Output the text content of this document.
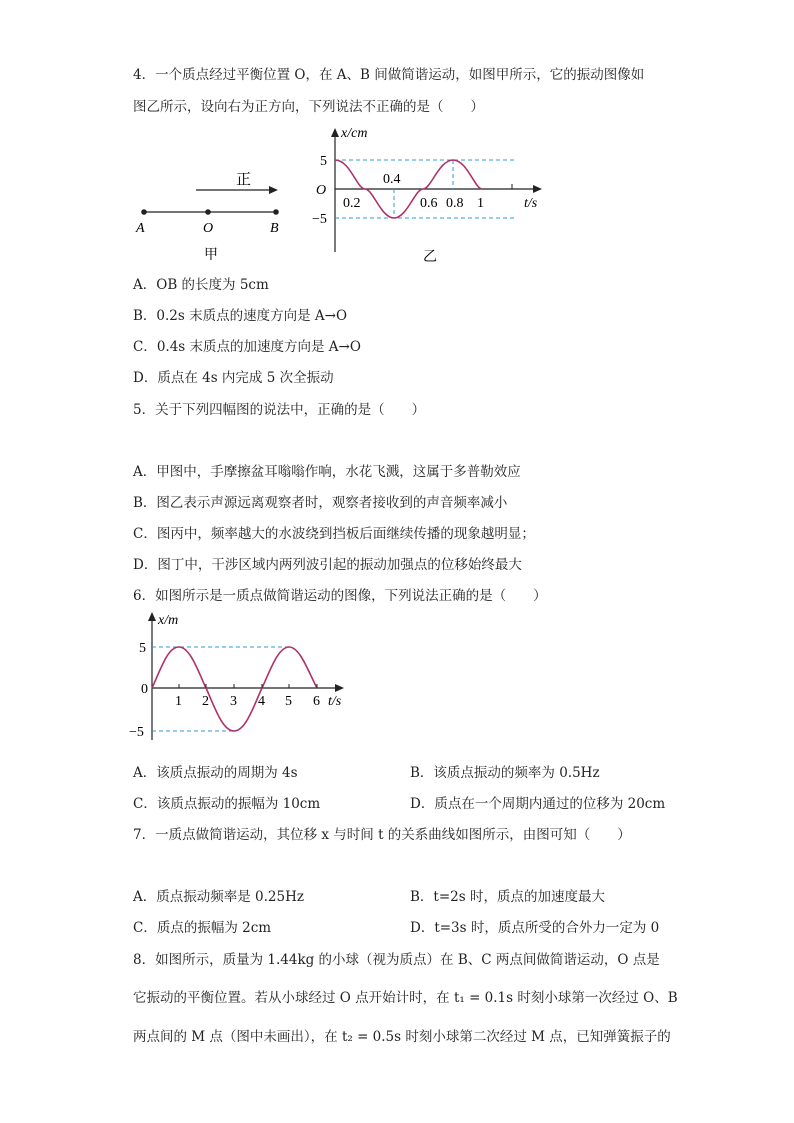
4．一个质点经过平衡位置 O，在 A、B 间做简谐运动，如图甲所示，它的振动图像如
图乙所示，设向右为正方向，下列说法不正确的是（　　）
正
A	O	B
甲
x/cm
t/s
O
5
−5
0.2
0.4
0.6 0.8 1
乙
A．OB 的长度为 5cm
B．0.2s 末质点的速度方向是 A→O
C．0.4s 末质点的加速度方向是 A→O
D．质点在 4s 内完成 5 次全振动
5．关于下列四幅图的说法中，正确的是（　　）
A．甲图中，手摩擦盆耳嗡嗡作响，水花飞溅，这属于多普勒效应
B．图乙表示声源远离观察者时，观察者接收到的声音频率减小
C．图丙中，频率越大的水波绕到挡板后面继续传播的现象越明显；
D．图丁中，干涉区域内两列波引起的振动加强点的位移始终最大
6．如图所示是一质点做简谐运动的图像，下列说法正确的是（　　）
x/m
t/s
0
5
−5
1 2 3 4 5 6
A．该质点振动的周期为 4s	B．该质点振动的频率为 0.5Hz
C．该质点振动的振幅为 10cm	D．质点在一个周期内通过的位移为 20cm
7．一质点做简谐运动，其位移 x 与时间 t 的关系曲线如图所示，由图可知（　　）
A．质点振动频率是 0.25Hz	B．t=2s 时，质点的加速度最大
C．质点的振幅为 2cm	D．t=3s 时，质点所受的合外力一定为 0
8．如图所示，质量为 1.44kg 的小球（视为质点）在 B、C 两点间做简谐运动，O 点是
它振动的平衡位置。若从小球经过 O 点开始计时，在 t₁ = 0.1s 时刻小球第一次经过 O、B
两点间的 M 点（图中未画出），在 t₂ = 0.5s 时刻小球第二次经过 M 点，已知弹簧振子的
